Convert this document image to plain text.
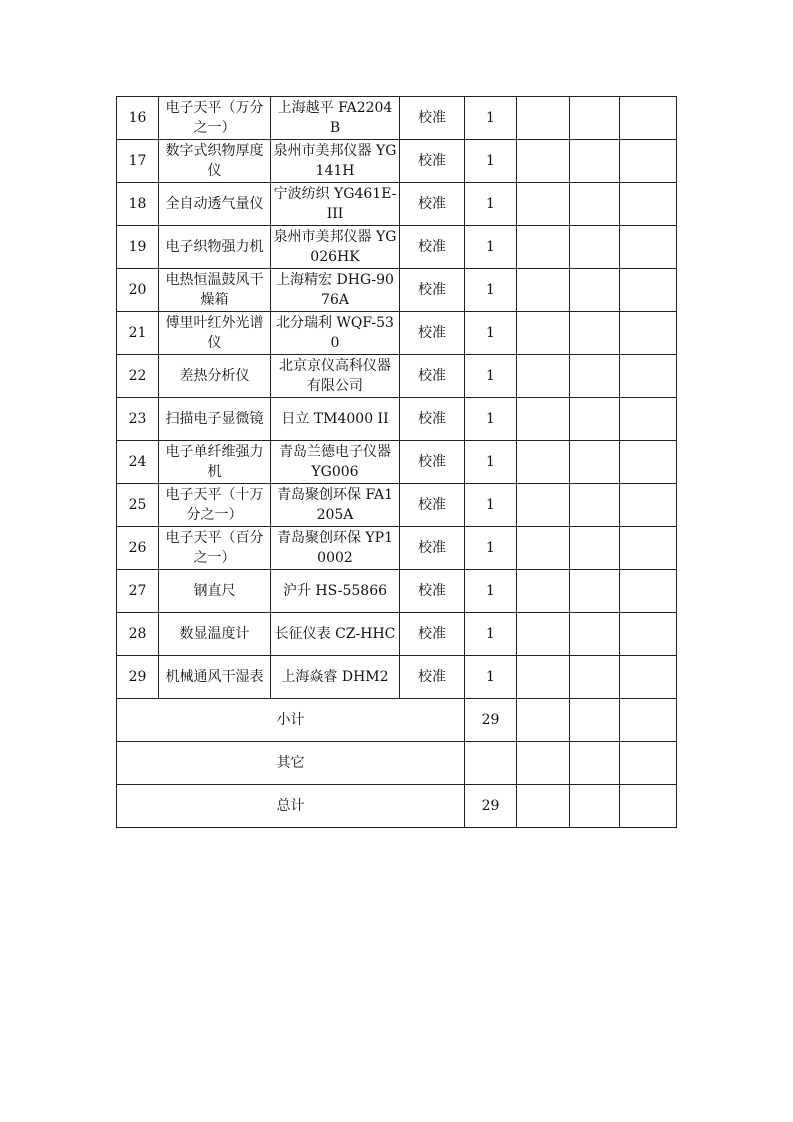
16	电子天平（万分之一）	上海越平 FA2204B	校准	1			
17	数字式织物厚度仪	泉州市美邦仪器 YG 141H	校准	1			
18	全自动透气量仪	宁波纺织 YG461E-III	校准	1			
19	电子织物强力机	泉州市美邦仪器 YG026HK	校准	1			
20	电热恒温鼓风干燥箱	上海精宏 DHG-9076A	校准	1			
21	傅里叶红外光谱仪	北分瑞利 WQF-530	校准	1			
22	差热分析仪	北京京仪高科仪器有限公司	校准	1			
23	扫描电子显微镜	日立 TM4000 II	校准	1			
24	电子单纤维强力机	青岛兰德电子仪器 YG006	校准	1			
25	电子天平（十万分之一）	青岛聚创环保 FA1205A	校准	1			
26	电子天平（百分之一）	青岛聚创环保 YP10002	校准	1			
27	钢直尺	沪升 HS-55866	校准	1			
28	数显温度计	长征仪表 CZ-HHC	校准	1			
29	机械通风干湿表	上海焱睿 DHM2	校准	1			
小计				29			
其它							
总计				29			
